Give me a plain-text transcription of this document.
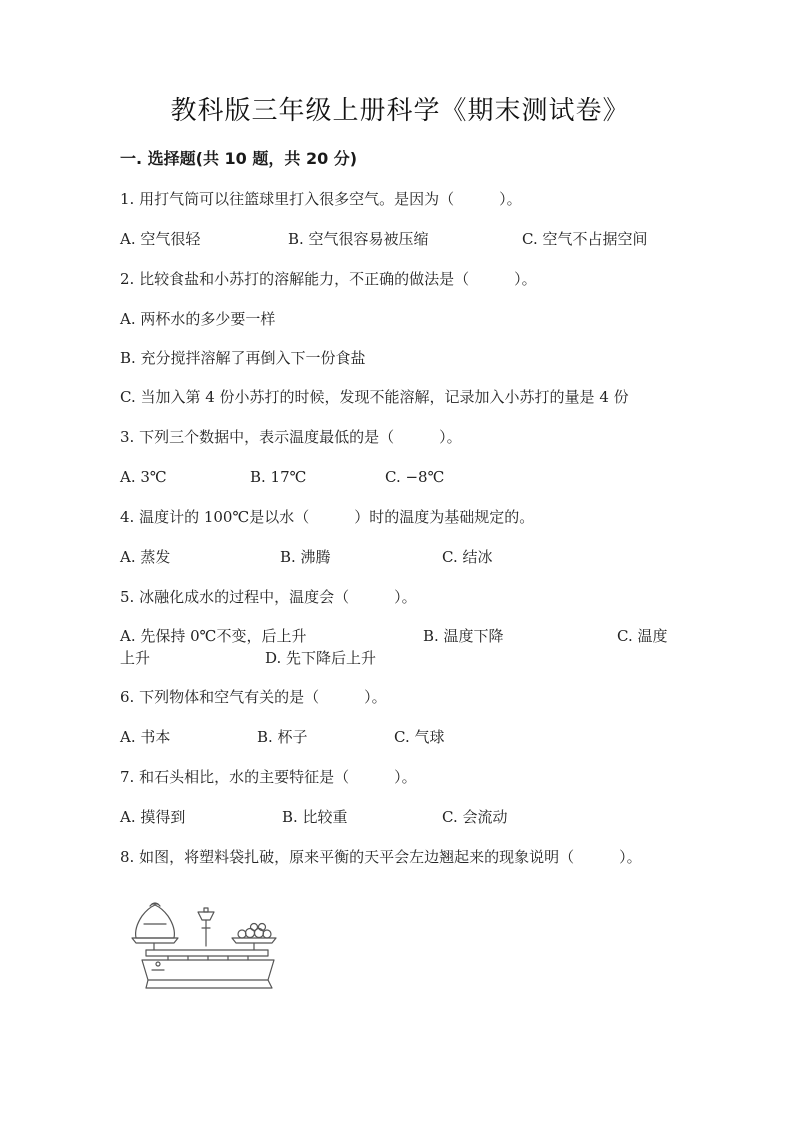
教科版三年级上册科学《期末测试卷》
一. 选择题(共 10 题，共 20 分)
1. 用打气筒可以往篮球里打入很多空气。是因为（　　　）。
A. 空气很轻	B. 空气很容易被压缩	C. 空气不占据空间
2. 比较食盐和小苏打的溶解能力，不正确的做法是（　　　）。
A. 两杯水的多少要一样
B. 充分搅拌溶解了再倒入下一份食盐
C. 当加入第 4 份小苏打的时候，发现不能溶解，记录加入小苏打的量是 4 份
3. 下列三个数据中，表示温度最低的是（　　　）。
A. 3℃	B. 17℃	C. −8℃
4. 温度计的 100℃是以水（　　　）时的温度为基础规定的。
A. 蒸发	B. 沸腾	C. 结冰
5. 冰融化成水的过程中，温度会（　　　）。
A. 先保持 0℃不变，后上升	B. 温度下降	C. 温度
上升	D. 先下降后上升
6. 下列物体和空气有关的是（　　　）。
A. 书本	B. 杯子	C. 气球
7. 和石头相比，水的主要特征是（　　　）。
A. 摸得到	B. 比较重	C. 会流动
8. 如图，将塑料袋扎破，原来平衡的天平会左边翘起来的现象说明（　　　）。
